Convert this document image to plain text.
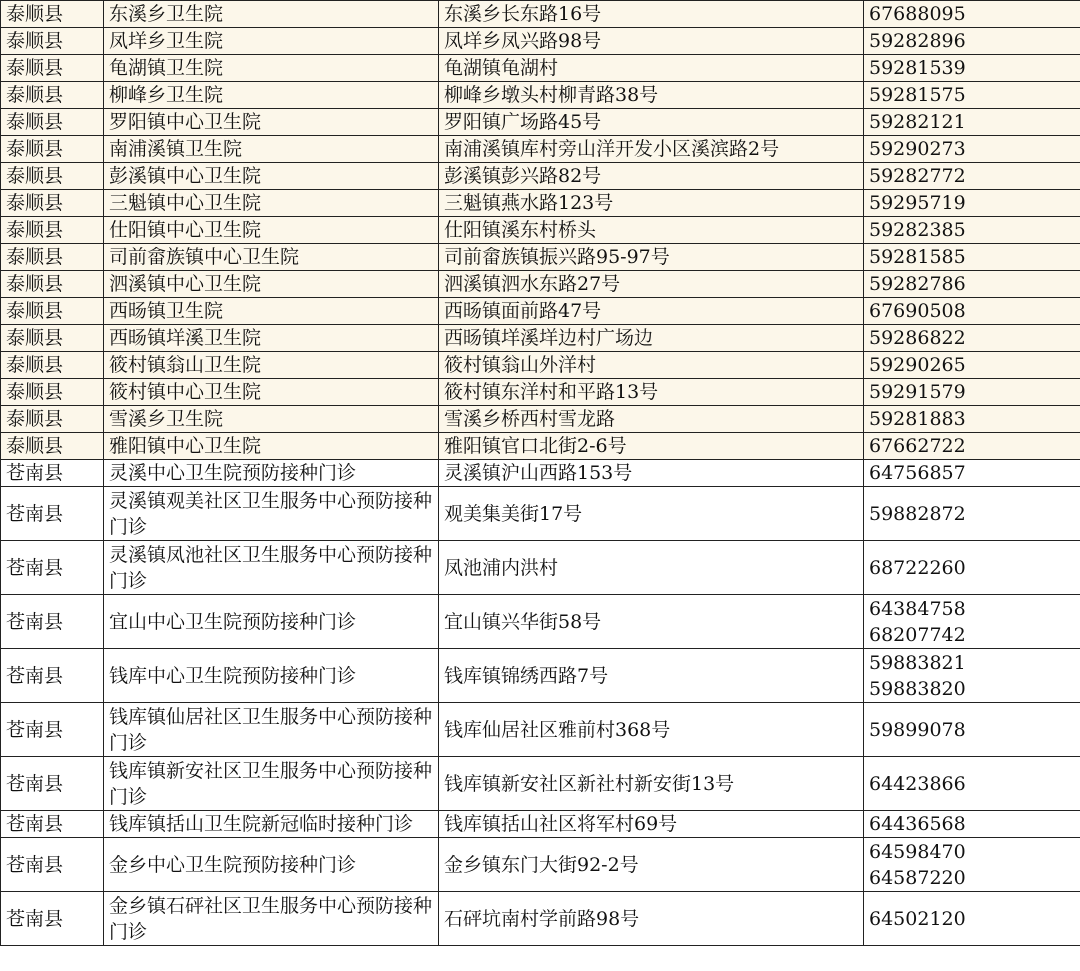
泰顺县	东溪乡卫生院	东溪乡长东路16号	67688095

泰顺县	凤垟乡卫生院	凤垟乡凤兴路98号	59282896

泰顺县	龟湖镇卫生院	龟湖镇龟湖村	59281539

泰顺县	柳峰乡卫生院	柳峰乡墩头村柳青路38号	59281575

泰顺县	罗阳镇中心卫生院	罗阳镇广场路45号	59282121

泰顺县	南浦溪镇卫生院	南浦溪镇库村旁山洋开发小区溪滨路2号	59290273

泰顺县	彭溪镇中心卫生院	彭溪镇彭兴路82号	59282772

泰顺县	三魁镇中心卫生院	三魁镇燕水路123号	59295719

泰顺县	仕阳镇中心卫生院	仕阳镇溪东村桥头	59282385

泰顺县	司前畲族镇中心卫生院	司前畲族镇振兴路95-97号	59281585

泰顺县	泗溪镇中心卫生院	泗溪镇泗水东路27号	59282786

泰顺县	西旸镇卫生院	西旸镇面前路47号	67690508

泰顺县	西旸镇垟溪卫生院	西旸镇垟溪垟边村广场边	59286822

泰顺县	筱村镇翁山卫生院	筱村镇翁山外洋村	59290265

泰顺县	筱村镇中心卫生院	筱村镇东洋村和平路13号	59291579

泰顺县	雪溪乡卫生院	雪溪乡桥西村雪龙路	59281883

泰顺县	雅阳镇中心卫生院	雅阳镇官口北街2-6号	67662722

苍南县	灵溪中心卫生院预防接种门诊	灵溪镇沪山西路153号	64756857

苍南县	灵溪镇观美社区卫生服务中心预防接种门诊	观美集美街17号	59882872

苍南县	灵溪镇凤池社区卫生服务中心预防接种门诊	凤池浦内洪村	68722260

苍南县	宜山中心卫生院预防接种门诊	宜山镇兴华街58号	64384758
68207742

苍南县	钱库中心卫生院预防接种门诊	钱库镇锦绣西路7号	59883821
59883820

苍南县	钱库镇仙居社区卫生服务中心预防接种门诊	钱库仙居社区雅前村368号	59899078

苍南县	钱库镇新安社区卫生服务中心预防接种门诊	钱库镇新安社区新社村新安街13号	64423866

苍南县	钱库镇括山卫生院新冠临时接种门诊	钱库镇括山社区将军村69号	64436568

苍南县	金乡中心卫生院预防接种门诊	金乡镇东门大街92-2号	64598470
64587220

苍南县	金乡镇石砰社区卫生服务中心预防接种门诊	石砰坑南村学前路98号	64502120
